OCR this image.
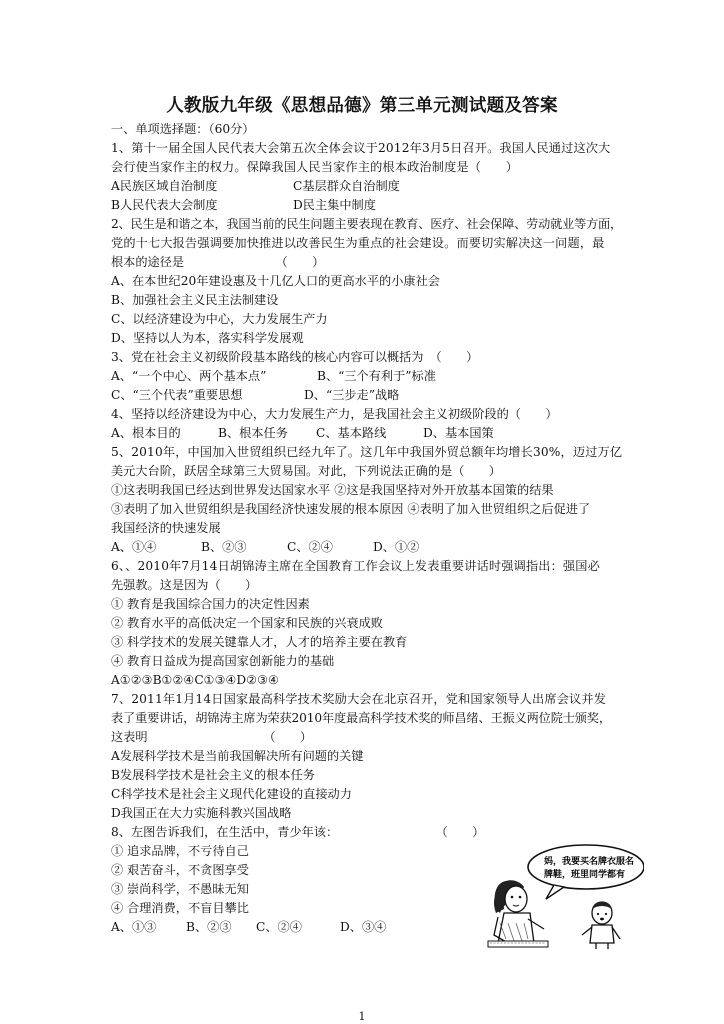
人教版九年级《思想品德》第三单元测试题及答案
一、单项选择题：（60分）
1、第十一届全国人民代表大会第五次全体会议于2012年3月5日召开。我国人民通过这次大
会行使当家作主的权力。保障我国人民当家作主的根本政治制度是（　　）
A民族区域自治制度	C基层群众自治制度
B人民代表大会制度	D民主集中制度
2、民生是和谐之本，我国当前的民生问题主要表现在教育、医疗、社会保障、劳动就业等方面，
党的十七大报告强调要加快推进以改善民生为重点的社会建设。而要切实解决这一问题，最
根本的途径是　　　　　　　　（　　）
A、在本世纪20年建设惠及十几亿人口的更高水平的小康社会
B、加强社会主义民主法制建设
C、以经济建设为中心，大力发展生产力
D、坚持以人为本，落实科学发展观
3、党在社会主义初级阶段基本路线的核心内容可以概括为　（　　）
A、“一个中心、两个基本点”	B、“三个有利于”标准
C、“三个代表”重要思想	D、“三步走”战略
4、坚持以经济建设为中心，大力发展生产力，是我国社会主义初级阶段的（　　）
A、根本目的	B、根本任务 C、基本路线	D、基本国策
5、2010年，中国加入世贸组织已经九年了。这几年中我国外贸总额年均增长30%，迈过万亿
美元大台阶，跃居全球第三大贸易国。对此，下列说法正确的是（　　）
①这表明我国已经达到世界发达国家水平 ②这是我国坚持对外开放基本国策的结果
③表明了加入世贸组织是我国经济快速发展的根本原因 ④表明了加入世贸组织之后促进了
我国经济的快速发展
A、①④	B、②③	C、②④	D、①②
6、、2010年7月14日胡锦涛主席在全国教育工作会议上发表重要讲话时强调指出：强国必
先强教。这是因为（　　）
① 教育是我国综合国力的决定性因素
② 教育水平的高低决定一个国家和民族的兴衰成败
③ 科学技术的发展关键靠人才，人才的培养主要在教育
④ 教育日益成为提高国家创新能力的基础
A①②③B①②④C①③④D②③④
7、2011年1月14日国家最高科学技术奖励大会在北京召开，党和国家领导人出席会议并发
表了重要讲话，胡锦涛主席为荣获2010年度最高科学技术奖的师昌绪、王振义两位院士颁奖，
这表明　　　　　　　　　　（　　）
A发展科学技术是当前我国解决所有问题的关键
B发展科学技术是社会主义的根本任务
C科学技术是社会主义现代化建设的直接动力
D我国正在大力实施科教兴国战略
8、左图告诉我们，在生活中，青少年该：　　　　　　　　　（　　）
① 追求品牌，不亏待自己
② 艰苦奋斗，不贪图享受
③ 崇尚科学，不愚昧无知
④ 合理消费，不盲目攀比
A、①③ B、②③ C、②④	D、③④
妈，我要买名牌衣服名
牌鞋，班里同学都有
1
